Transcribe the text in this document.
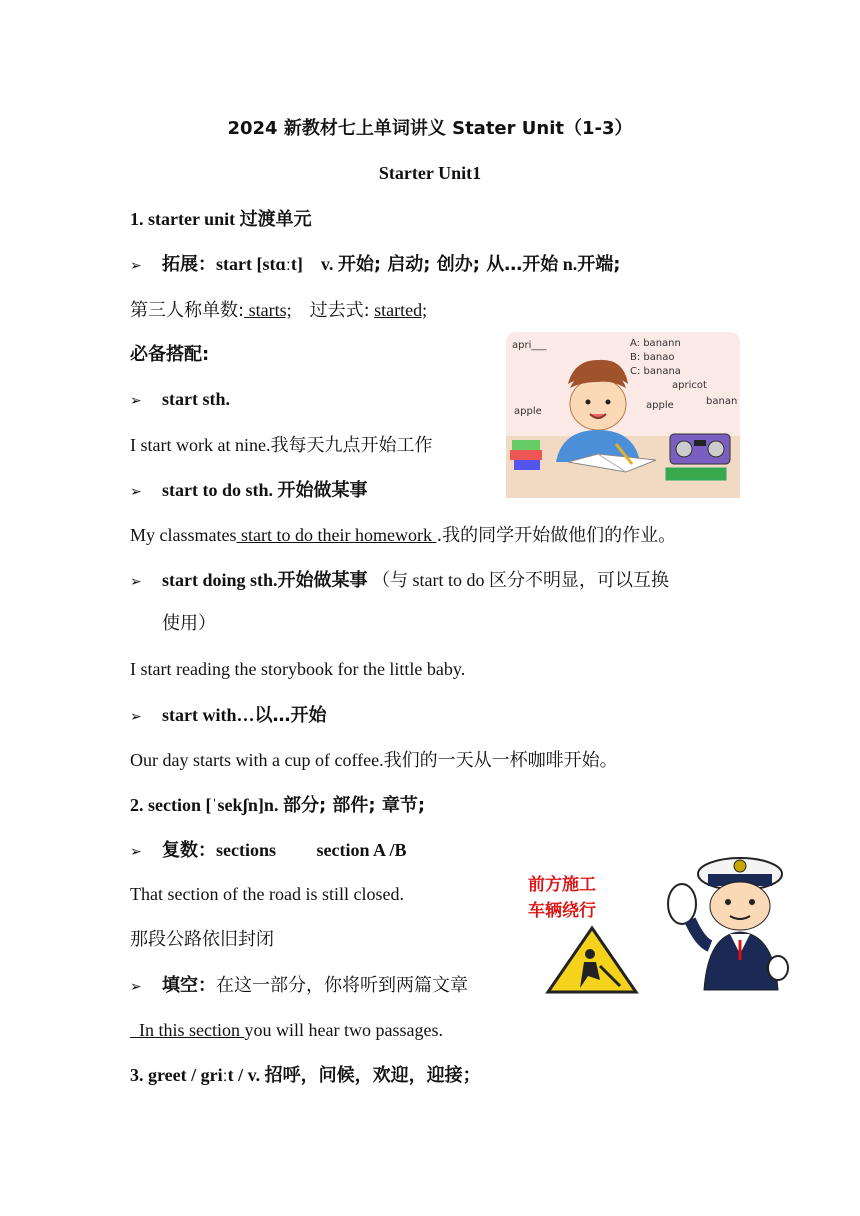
2024 新教材七上单词讲义 Stater Unit（1-3）
Starter Unit1
1. starter unit 过渡单元
➢ 拓展：start [stɑːt] v. 开始; 启动; 创办; 从…开始 n.开端;
第三人称单数: starts; 过去式: started;
必备搭配:
➢ start sth.
I start work at nine.我每天九点开始工作
➢ start to do sth. 开始做某事
My classmates start to do their homework .我的同学开始做他们的作业。
➢ start doing sth.开始做某事 （与 start to do 区分不明显，可以互换
使用）
I start reading the storybook for the little baby.
➢ start with…以…开始
Our day starts with a cup of coffee.我们的一天从一杯咖啡开始。
2. section [ˈsekʃn]n. 部分; 部件; 章节;
➢ 复数：sections section A /B
That section of the road is still closed.
那段公路依旧封闭
➢ 填空：在这一部分，你将听到两篇文章
In this section you will hear two passages.
3. greet / griːt / v. 招呼，问候，欢迎，迎接；
apri___	A: banann
B: banao
C: banana
apricot
apple
apple	banan
前方施工
车辆绕行
